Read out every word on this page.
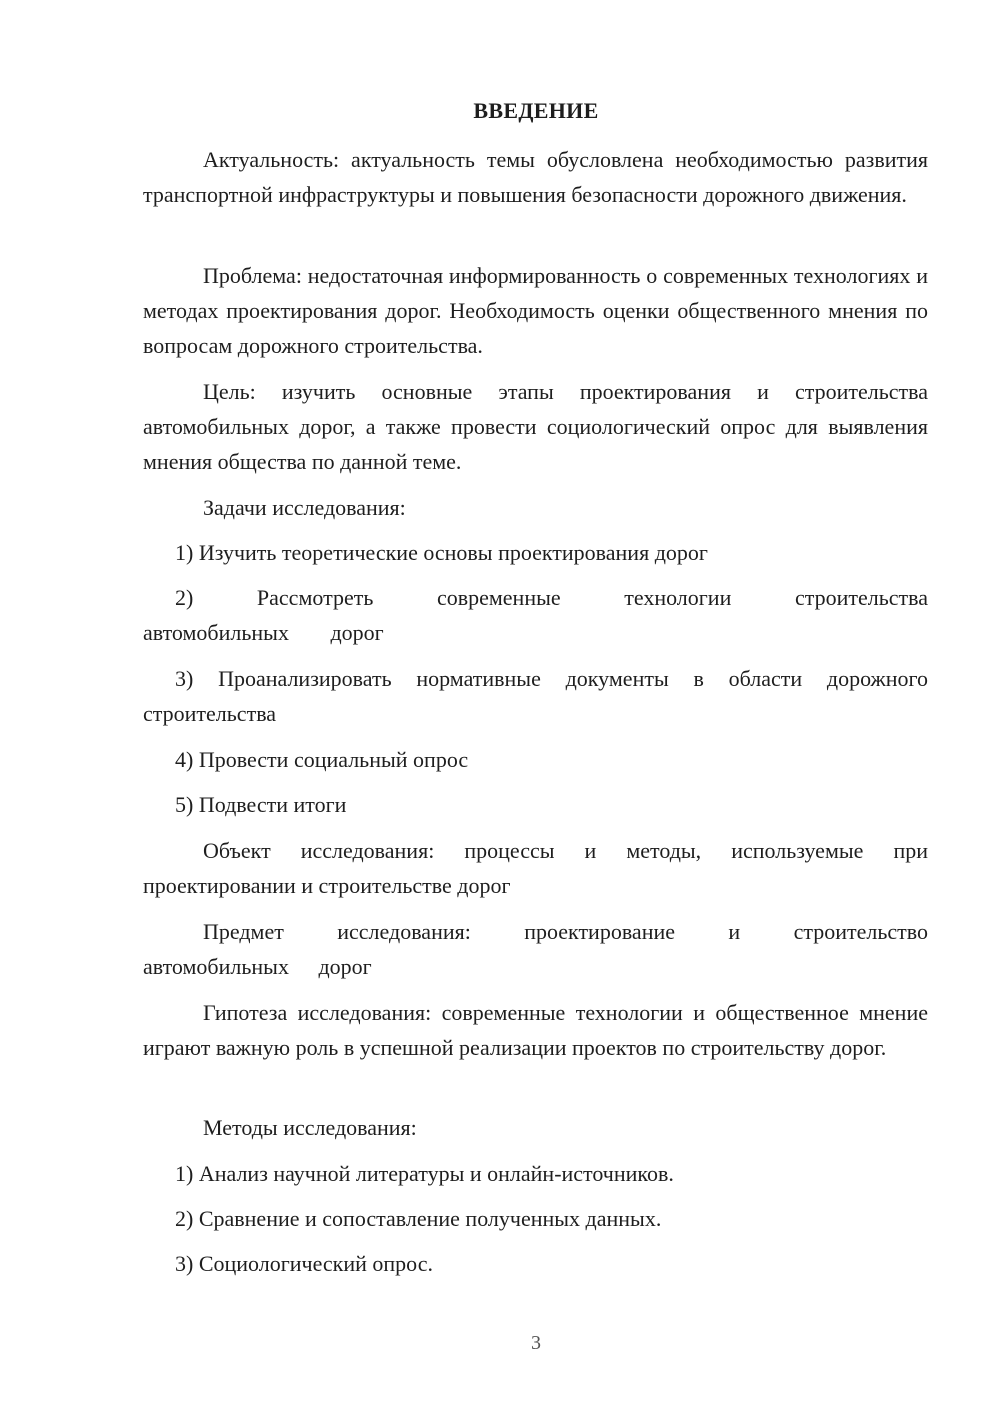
ВВЕДЕНИЕ

Актуальность: актуальность темы обусловлена необходимостью развития транспортной инфраструктуры и повышения безопасности дорожного движения.

Проблема: недостаточная информированность о современных технологиях и методах проектирования дорог. Необходимость оценки общественного мнения по вопросам дорожного строительства.

Цель: изучить основные этапы проектирования и строительства автомобильных дорог, а также провести социологический опрос для выявления мнения общества по данной теме.

Задачи исследования:

1) Изучить теоретические основы проектирования дорог

2) Рассмотреть современные технологии строительства автомобильных дорог

3) Проанализировать нормативные документы в области дорожного строительства

4) Провести социальный опрос

5) Подвести итоги

Объект исследования: процессы и методы, используемые при проектировании и строительстве дорог

Предмет исследования: проектирование и строительство автомобильных дорог

Гипотеза исследования: современные технологии и общественное мнение играют важную роль в успешной реализации проектов по строительству дорог.

Методы исследования:

1) Анализ научной литературы и онлайн-источников.

2) Сравнение и сопоставление полученных данных.

3) Социологический опрос.

3
